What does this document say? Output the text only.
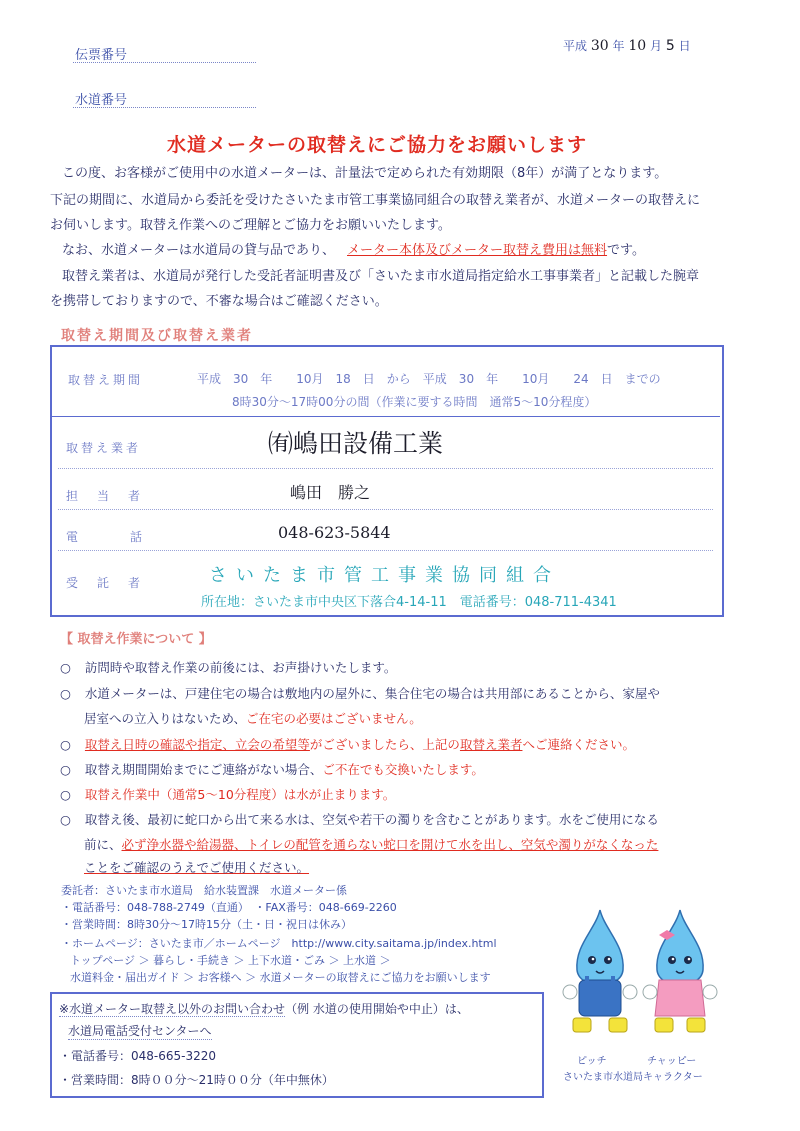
平成 30 年 10 月 5 日
伝票番号
水道番号
水道メーターの取替えにご協力をお願いします
この度、お客様がご使用中の水道メーターは、計量法で定められた有効期限（8年）が満了となります。
下記の期間に、水道局から委託を受けたさいたま市管工事業協同組合の取替え業者が、水道メーターの取替えに
お伺いします。取替え作業へのご理解とご協力をお願いいたします。
なお、水道メーターは水道局の貸与品であり、 メーター本体及びメーター取替え費用は無料です。
取替え業者は、水道局が発行した受託者証明書及び「さいたま市水道局指定給水工事事業者」と記載した腕章
を携帯しておりますので、不審な場合はご確認ください。
取替え期間及び取替え業者
取替え期間	平成　30　年　　10月　18　日　から　平成　30　年　　10月　　24　日　までの
8時30分～17時00分の間（作業に要する時間　通常5～10分程度）
取替え業者	㈲嶋田設備工業
担当者	嶋田　勝之
電話	048-623-5844
受託者	さいたま市管工事業協同組合
所在地：さいたま市中央区下落合4-14-11　電話番号：048-711-4341
【 取替え作業について 】
○ 訪問時や取替え作業の前後には、お声掛けいたします。
○ 水道メーターは、戸建住宅の場合は敷地内の屋外に、集合住宅の場合は共用部にあることから、家屋や
居室への立入りはないため、ご在宅の必要はございません。
○ 取替え日時の確認や指定、立会の希望等がございましたら、上記の取替え業者へご連絡ください。
○ 取替え期間開始までにご連絡がない場合、ご不在でも交換いたします。
○ 取替え作業中（通常5～10分程度）は水が止まります。
○ 取替え後、最初に蛇口から出て来る水は、空気や若干の濁りを含むことがあります。水をご使用になる
前に、必ず浄水器や給湯器、トイレの配管を通らない蛇口を開けて水を出し、空気や濁りがなくなった
ことをご確認のうえでご使用ください。
委託者：さいたま市水道局　給水装置課　水道メーター係
・電話番号：048-788-2749（直通）　・FAX番号：048-669-2260
・営業時間：8時30分～17時15分（土・日・祝日は休み）
・ホームページ：さいたま市／ホームページ　http://www.city.saitama.jp/index.html
トップページ ＞ 暮らし・手続き ＞ 上下水道・ごみ ＞ 上水道 ＞
水道料金・届出ガイド ＞ お客様へ ＞ 水道メーターの取替えにご協力をお願いします
※水道メーター取替え以外のお問い合わせ（例 水道の使用開始や中止）は、
水道局電話受付センターへ
・電話番号：048-665-3220
・営業時間：8時００分～21時００分（年中無休）
ピッチ	チャッピー
さいたま市水道局キャラクター
